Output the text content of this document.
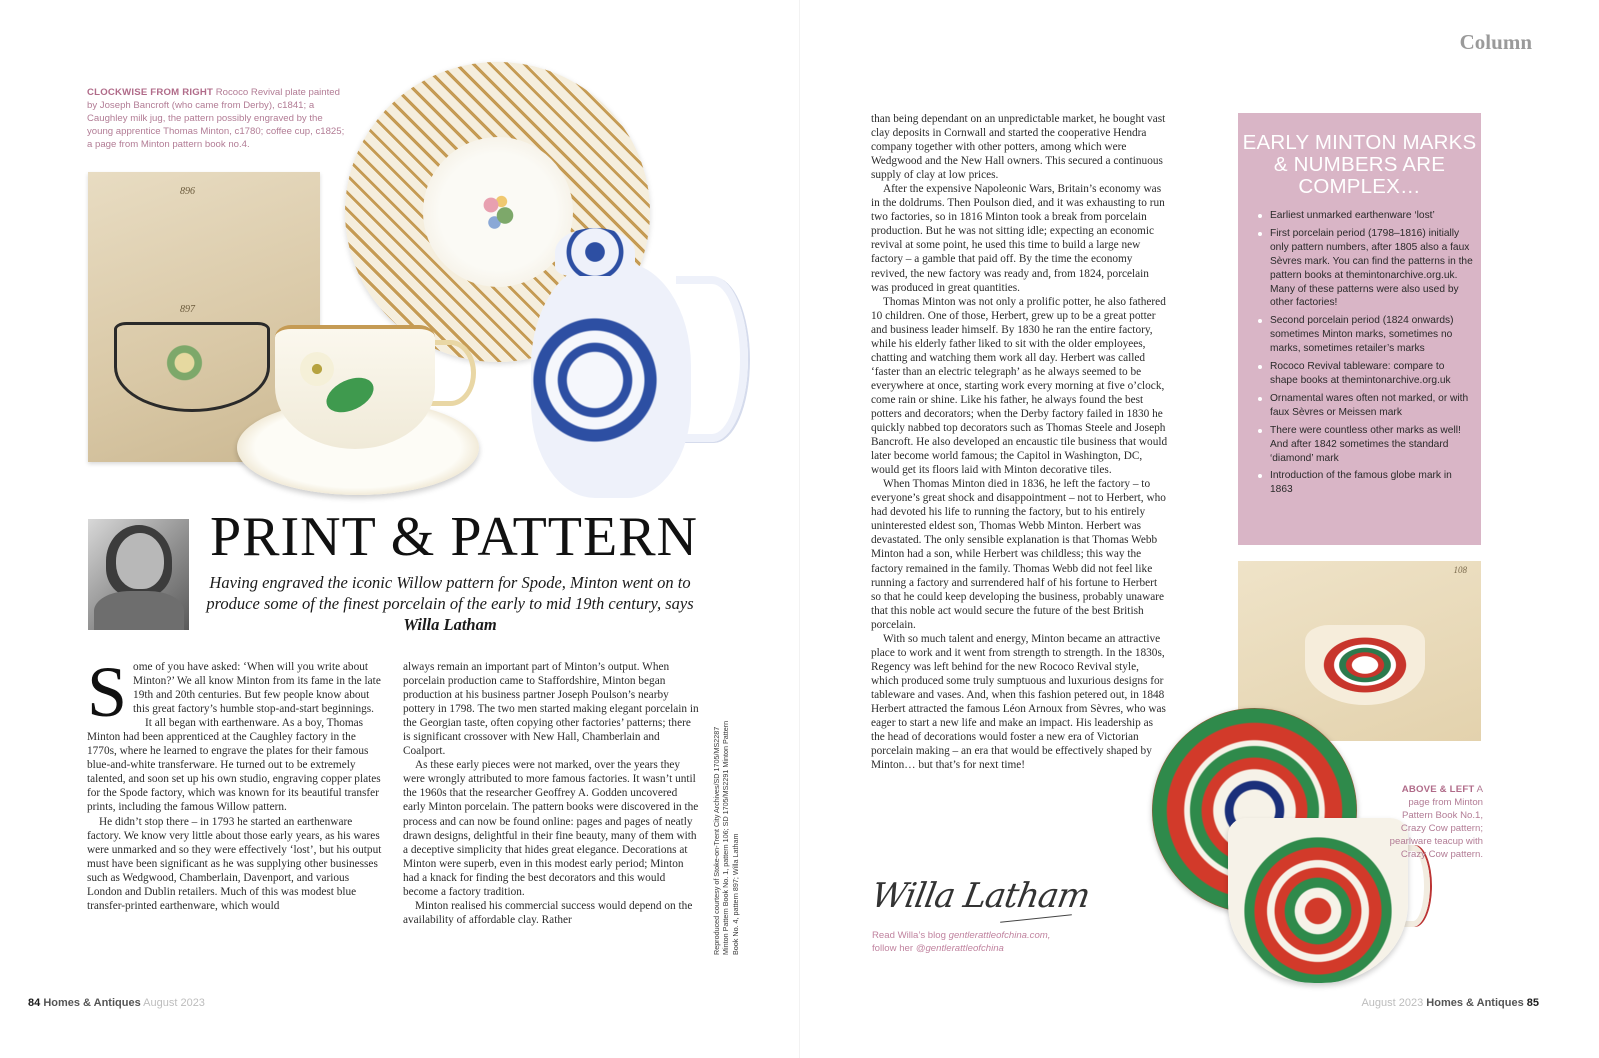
Column
CLOCKWISE FROM RIGHT Rococo Revival plate painted by Joseph Bancroft (who came from Derby), c1841; a Caughley milk jug, the pattern possibly engraved by the young apprentice Thomas Minton, c1780; coffee cup, c1825; a page from Minton pattern book no.4.
896
897
PRINT & PATTERN
Having engraved the iconic Willow pattern for Spode, Minton went on to produce some of the finest porcelain of the early to mid 19th century, says Willa Latham
S ome of you have asked: ‘When will you write about Minton?’ We all know Minton from its fame in the late 19th and 20th centuries. But few people know about this great factory’s humble stop-and-start beginnings.

It all began with earthenware. As a boy, Thomas Minton had been apprenticed at the Caughley factory in the 1770s, where he learned to engrave the plates for their famous blue-and-white transferware. He turned out to be extremely talented, and soon set up his own studio, engraving copper plates for the Spode factory, which was known for its beautiful transfer prints, including the famous Willow pattern.

He didn’t stop there – in 1793 he started an earthenware factory. We know very little about those early years, as his wares were unmarked and so they were effectively ‘lost’, but his output must have been significant as he was supplying other businesses such as Wedgwood, Chamberlain, Davenport, and various London and Dublin retailers. Much of this was modest blue transfer-printed earthenware, which would

always remain an important part of Minton’s output. When porcelain production came to Staffordshire, Minton began production at his business partner Joseph Poulson’s nearby pottery in 1798. The two men started making elegant porcelain in the Georgian taste, often copying other factories’ patterns; there is significant crossover with New Hall, Chamberlain and Coalport.

As these early pieces were not marked, over the years they were wrongly attributed to more famous factories. It wasn’t until the 1960s that the researcher Geoffrey A. Godden uncovered early Minton porcelain. The pattern books were discovered in the process and can now be found online: pages and pages of neatly drawn designs, delightful in their fine beauty, many of them with a deceptive simplicity that hides great elegance. Decorations at Minton were superb, even in this modest early period; Minton had a knack for finding the best decorators and this would become a factory tradition.

Minton realised his commercial success would depend on the availability of affordable clay. Rather	Reproduced courtesy of Stoke-on-Trent City Archives/SD 1705/MS2287 Minton Pattern Book No. 1, pattern 106; SD 1705/MS2291 Minton Pattern Book No. 4, pattern 897; Willa Latham
84 Homes & Antiques August 2023

than being dependant on an unpredictable market, he bought vast clay deposits in Cornwall and started the cooperative Hendra company together with other potters, among which were Wedgwood and the New Hall owners. This secured a continuous supply of clay at low prices.

After the expensive Napoleonic Wars, Britain’s economy was in the doldrums. Then Poulson died, and it was exhausting to run two factories, so in 1816 Minton took a break from porcelain production. But he was not sitting idle; expecting an economic revival at some point, he used this time to build a large new factory – a gamble that paid off. By the time the economy revived, the new factory was ready and, from 1824, porcelain was produced in great quantities.

Thomas Minton was not only a prolific potter, he also fathered 10 children. One of those, Herbert, grew up to be a great potter and business leader himself. By 1830 he ran the entire factory, while his elderly father liked to sit with the older employees, chatting and watching them work all day. Herbert was called ‘faster than an electric telegraph’ as he always seemed to be everywhere at once, starting work every morning at five o’clock, come rain or shine. Like his father, he always found the best potters and decorators; when the Derby factory failed in 1830 he quickly nabbed top decorators such as Thomas Steele and Joseph Bancroft. He also developed an encaustic tile business that would later become world famous; the Capitol in Washington, DC, would get its floors laid with Minton decorative tiles.

When Thomas Minton died in 1836, he left the factory – to everyone’s great shock and disappointment – not to Herbert, who had devoted his life to running the factory, but to his entirely uninterested eldest son, Thomas Webb Minton. Herbert was devastated. The only sensible explanation is that Thomas Webb Minton had a son, while Herbert was childless; this way the factory remained in the family. Thomas Webb did not feel like running a factory and surrendered half of his fortune to Herbert so that he could keep developing the business, probably unaware that this noble act would secure the future of the best British porcelain.

With so much talent and energy, Minton became an attractive place to work and it went from strength to strength. In the 1830s, Regency was left behind for the new Rococo Revival style, which produced some truly sumptuous and luxurious designs for tableware and vases. And, when this fashion petered out, in 1848 Herbert attracted the famous Léon Arnoux from Sèvres, who was eager to start a new life and make an impact. His leadership as the head of decorations would foster a new era of Victorian porcelain making – an era that would be effectively shaped by Minton… but that’s for next time!

Willa Latham
Read Willa’s blog gentlerattleofchina.com,
follow her @gentlerattleofchina
EARLY MINTON MARKS & NUMBERS ARE COMPLEX…
Earliest unmarked earthenware ‘lost’
First porcelain period (1798–1816) initially only pattern numbers, after 1805 also a faux Sèvres mark. You can find the patterns in the pattern books at themintonarchive.org.uk. Many of these patterns were also used by other factories!
Second porcelain period (1824 onwards) sometimes Minton marks, sometimes no marks, sometimes retailer’s marks
Rococo Revival tableware: compare to shape books at themintonarchive.org.uk
Ornamental wares often not marked, or with faux Sèvres or Meissen mark
There were countless other marks as well! And after 1842 sometimes the standard ‘diamond’ mark
Introduction of the famous globe mark in 1863
108
ABOVE & LEFT A page from Minton Pattern Book No.1, Crazy Cow pattern; pearlware teacup with Crazy Cow pattern.
August 2023 Homes & Antiques 85
